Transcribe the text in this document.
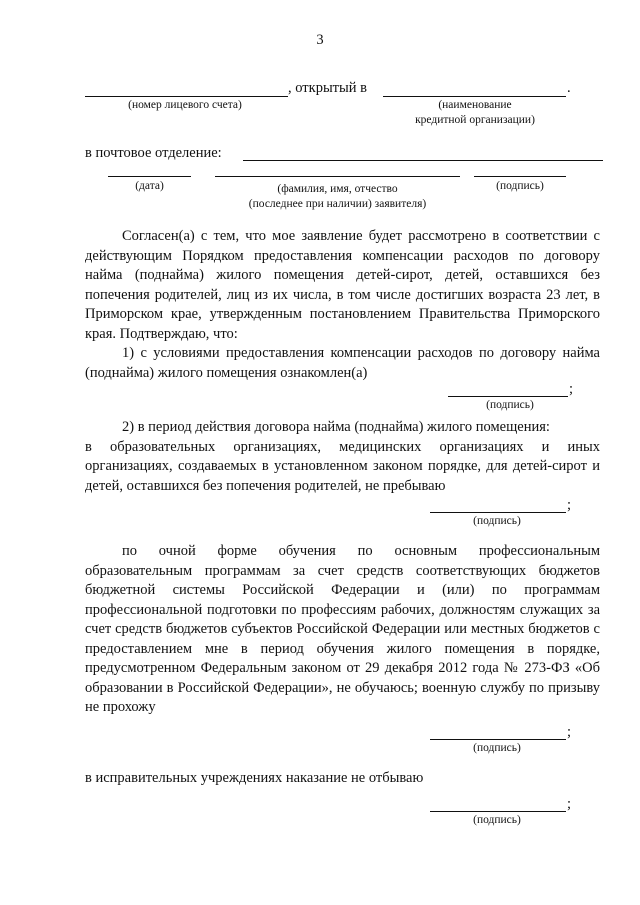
3
, открытый в	.
(номер лицевого счета)	(наименование
кредитной организации)
в почтовое отделение:
(дата)	(фамилия, имя, отчество
(последнее при наличии) заявителя)
(подпись)

Согласен(а) с тем, что мое заявление будет рассмотрено в соответствии с действующим Порядком предоставления компенсации расходов по договору найма (поднайма) жилого помещения детей-сирот, детей, оставшихся без попечения родителей, лиц из их числа, в том числе достигших возраста 23 лет, в Приморском крае, утвержденным постановлением Правительства Приморского края. Подтверждаю, что:

1) с условиями предоставления компенсации расходов по договору найма (поднайма) жилого помещения ознакомлен(а)

;
(подпись)

2) в период действия договора найма (поднайма) жилого помещения:

в образовательных организациях, медицинских организациях и иных организациях, создаваемых в установленном законом порядке, для детей-сирот и детей, оставшихся без попечения родителей, не пребываю

;
(подпись)

по очной форме обучения по основным профессиональным образовательным программам за счет средств соответствующих бюджетов бюджетной системы Российской Федерации и (или) по программам профессиональной подготовки по профессиям рабочих, должностям служащих за счет средств бюджетов субъектов Российской Федерации или местных бюджетов с предоставлением мне в период обучения жилого помещения в порядке, предусмотренном Федеральным законом от 29 декабря 2012 года № 273-ФЗ «Об образовании в Российской Федерации», не обучаюсь; военную службу по призыву не прохожу

;
(подпись)
в исправительных учреждениях наказание не отбываю
;
(подпись)
